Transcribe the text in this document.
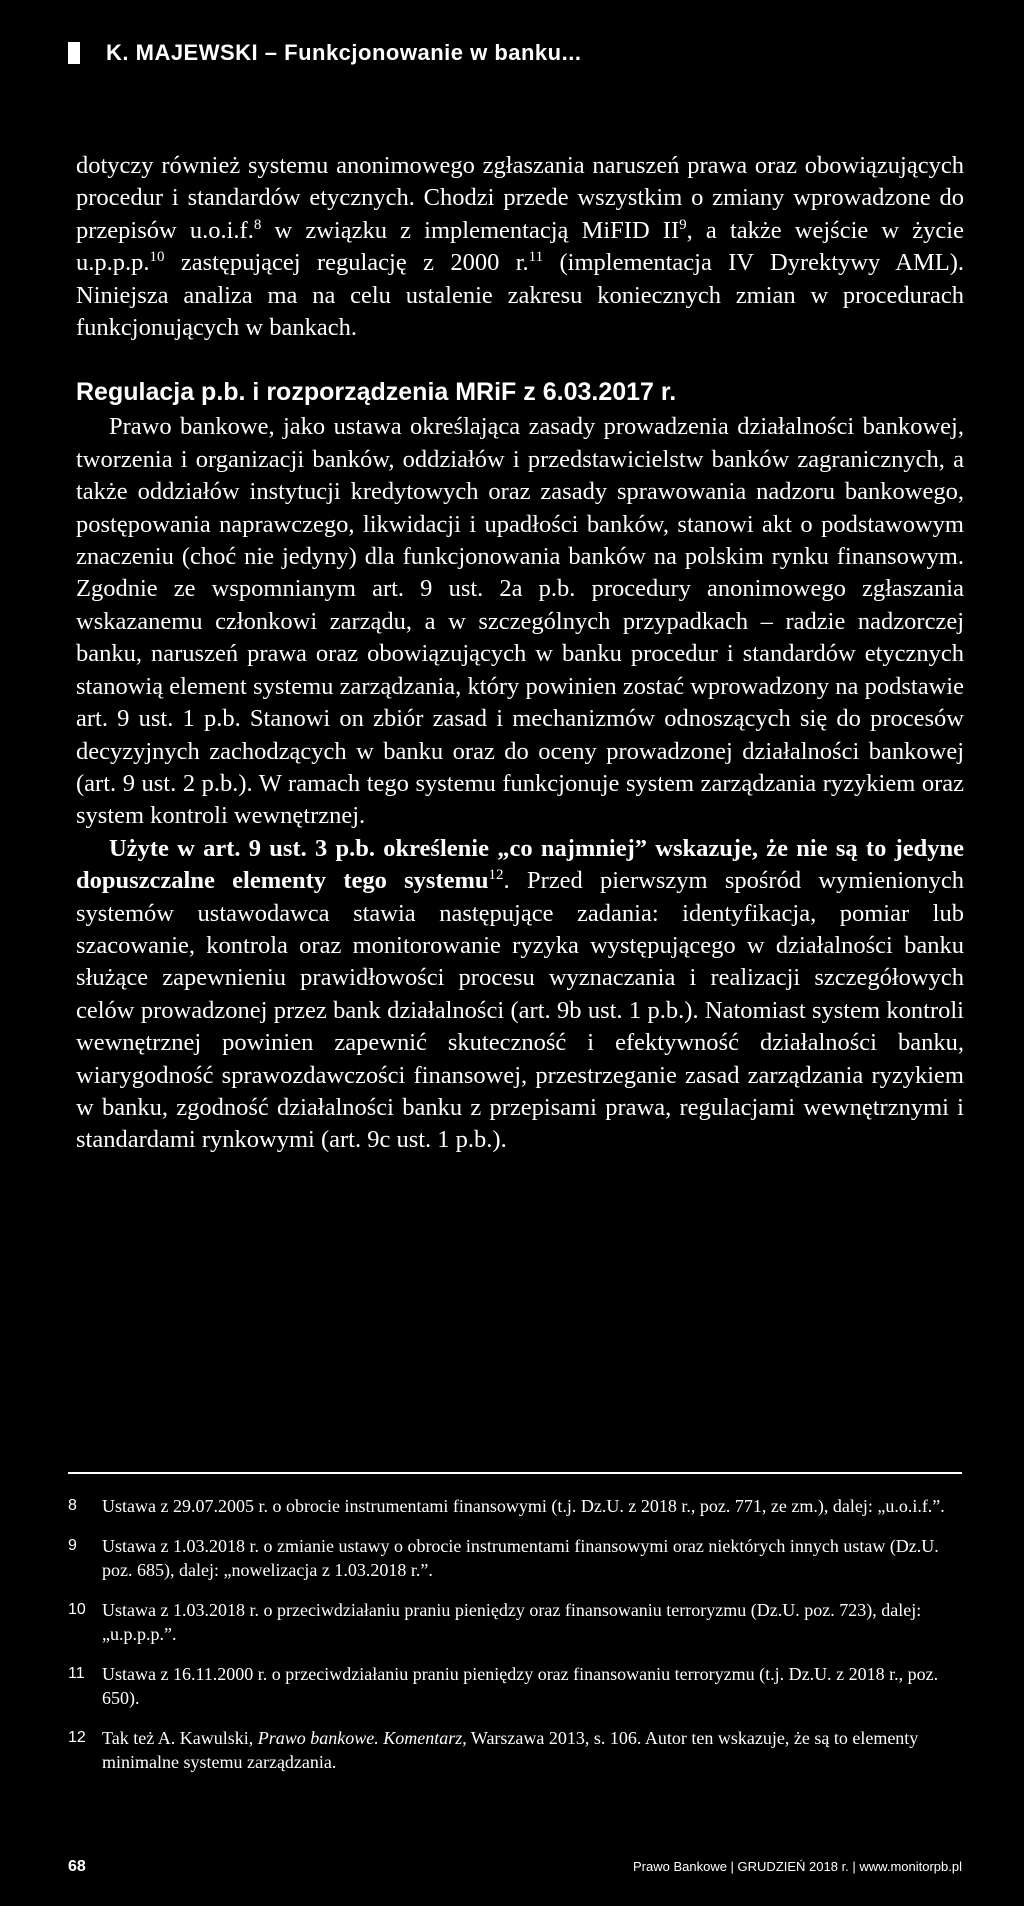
K. MAJEWSKI – Funkcjonowanie w banku...

dotyczy również systemu anonimowego zgłaszania naruszeń prawa oraz obowiązujących procedur i standardów etycznych. Chodzi przede wszystkim o zmiany wprowadzone do przepisów u.o.i.f.$^8$ w związku z implementacją MiFID $II^9$, a także wejście w życie u.p.p.p.$^{10}$ zastępującej regulację z 2000 r.$^{11}$ (implementacja IV Dyrektywy AML). Niniejsza analiza ma na celu ustalenie zakresu koniecznych zmian w procedurach funkcjonujących w bankach.

Regulacja p.b. i rozporządzenia MRiF z 6.03.2017 r.

Prawo bankowe, jako ustawa określająca zasady prowadzenia działalności bankowej, tworzenia i organizacji banków, oddziałów i przedstawicielstw banków zagranicznych, a także oddziałów instytucji kredytowych oraz zasady sprawowania nadzoru bankowego, postępowania naprawczego, likwidacji i upadłości banków, stanowi akt o podstawowym znaczeniu (choć nie jedyny) dla funkcjonowania banków na polskim rynku finansowym. Zgodnie ze wspomnianym art. 9 ust. 2a p.b. procedury anonimowego zgłaszania wskazanemu członkowi zarządu, a w szczególnych przypadkach – radzie nadzorczej banku, naruszeń prawa oraz obowiązujących w banku procedur i standardów etycznych stanowią element systemu zarządzania, który powinien zostać wprowadzony na podstawie art. 9 ust. 1 p.b. Stanowi on zbiór zasad i mechanizmów odnoszących się do procesów decyzyjnych zachodzących w banku oraz do oceny prowadzonej działalności bankowej (art. 9 ust. 2 p.b.). W ramach tego systemu funkcjonuje system zarządzania ryzykiem oraz system kontroli wewnętrznej.

Użyte w art. 9 ust. 3 p.b. określenie „co najmniej” wskazuje, że nie są to jedyne dopuszczalne elementy tego systemu$^{12}$. Przed pierwszym spośród wymienionych systemów ustawodawca stawia następujące zadania: identyfikacja, pomiar lub szacowanie, kontrola oraz monitorowanie ryzyka występującego w działalności banku służące zapewnieniu prawidłowości procesu wyznaczania i realizacji szczegółowych celów prowadzonej przez bank działalności (art. 9b ust. 1 p.b.). Natomiast system kontroli wewnętrznej powinien zapewnić skuteczność i efektywność działalności banku, wiarygodność sprawozdawczości finansowej, przestrzeganie zasad zarządzania ryzykiem w banku, zgodność działalności banku z przepisami prawa, regulacjami wewnętrznymi i standardami rynkowymi (art. 9c ust. 1 p.b.).

8	Ustawa z 29.07.2005 r. o obrocie instrumentami finansowymi (t.j. Dz.U. z 2018 r., poz. 771, ze zm.), dalej: „u.o.i.f.”.
9	Ustawa z 1.03.2018 r. o zmianie ustawy o obrocie instrumentami finansowymi oraz niektórych innych ustaw (Dz.U. poz. 685), dalej: „nowelizacja z 1.03.2018 r.”.
10 Ustawa z 1.03.2018 r. o przeciwdziałaniu praniu pieniędzy oraz finansowaniu terroryzmu (Dz.U. poz. 723), dalej: „u.p.p.p.”.
11 Ustawa z 16.11.2000 r. o przeciwdziałaniu praniu pieniędzy oraz finansowaniu terroryzmu (t.j. Dz.U. z 2018 r., poz. 650).
12 Tak też A. Kawulski, Prawo bankowe. Komentarz, Warszawa 2013, s. 106. Autor ten wskazuje, że są to elementy minimalne systemu zarządzania.
68	Prawo Bankowe | GRUDZIEŃ 2018 r. | www.monitorpb.pl
